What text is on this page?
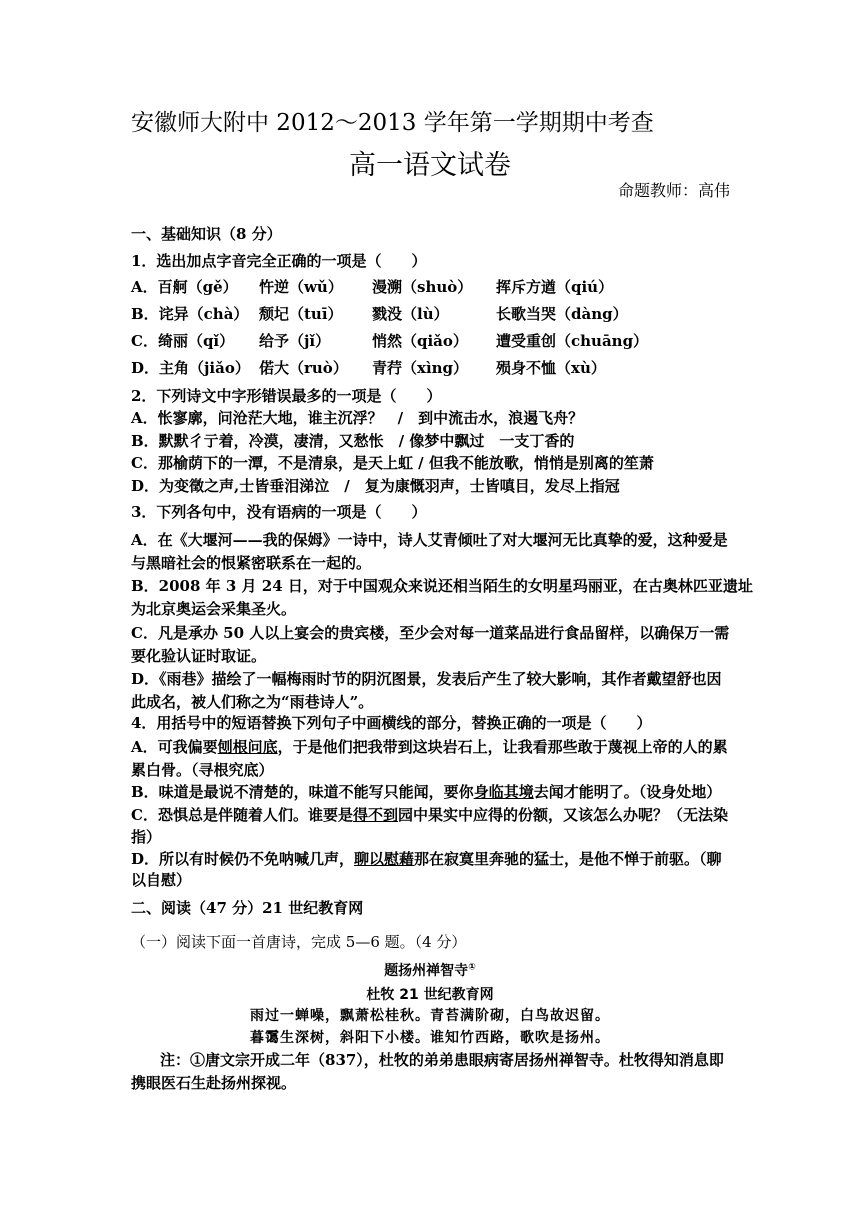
安徽师大附中 2012～2013 学年第一学期期中考查
高一语文试卷
命题教师：高伟
一、基础知识（8 分）
1．选出加点字音完全正确的一项是（　　）
A．百舸（gě） 忤逆（wǔ） 漫溯（shuò） 挥斥方遒（qiú）
B．诧异（chà） 颓圮（tuī） 戮没（lù）	长歌当哭（dàng）
C．绮丽（qǐ） 给予（jǐ）	悄然（qiǎo） 遭受重创（chuāng）
D．主角（jiǎo） 偌大（ruò） 青荇（xìng） 殒身不恤（xù）
2．下列诗文中字形错误最多的一项是（　　）
A．怅寥廓，问沧茫大地，谁主沉浮？　/　到中流击水，浪遏飞舟？
B．默默彳亍着，冷漠，凄清，又愁怅　/ 像梦中飘过　一支丁香的
C．那榆荫下的一潭，不是清泉，是天上虹 / 但我不能放歌，悄悄是别离的笙萧
D．为变徵之声,士皆垂泪涕泣　/　复为康慨羽声，士皆嗔目，发尽上指冠
3．下列各句中，没有语病的一项是（　　）
A．在《大堰河——我的保姆》一诗中，诗人艾青倾吐了对大堰河无比真挚的爱，这种爱是
与黑暗社会的恨紧密联系在一起的。
B．2008 年 3 月 24 日，对于中国观众来说还相当陌生的女明星玛丽亚，在古奥林匹亚遗址
为北京奥运会采集圣火。
C．凡是承办 50 人以上宴会的贵宾楼，至少会对每一道菜品进行食品留样，以确保万一需
要化验认证时取证。
D．《雨巷》描绘了一幅梅雨时节的阴沉图景，发表后产生了较大影响，其作者戴望舒也因
此成名，被人们称之为“雨巷诗人”。
4．用括号中的短语替换下列句子中画横线的部分，替换正确的一项是（　　）
A．可我偏要刨根问底，于是他们把我带到这块岩石上，让我看那些敢于蔑视上帝的人的累
累白骨。（寻根究底）
B．味道是最说不清楚的，味道不能写只能闻，要你身临其境去闻才能明了。（设身处地）
C．恐惧总是伴随着人们。谁要是得不到园中果实中应得的份额，又该怎么办呢？（无法染
指）
D．所以有时候仍不免呐喊几声，聊以慰藉那在寂寞里奔驰的猛士，是他不惮于前驱。（聊
以自慰）
二、阅读（47 分）21 世纪教育网
（一）阅读下面一首唐诗，完成 5—6 题。（4 分）
题扬州禅智寺①
杜牧 21 世纪教育网
雨过一蝉噪，飘萧松桂秋。青苔满阶砌，白鸟故迟留。
暮霭生深树，斜阳下小楼。谁知竹西路，歌吹是扬州。
注：①唐文宗开成二年（837），杜牧的弟弟患眼病寄居扬州禅智寺。杜牧得知消息即
携眼医石生赴扬州探视。
